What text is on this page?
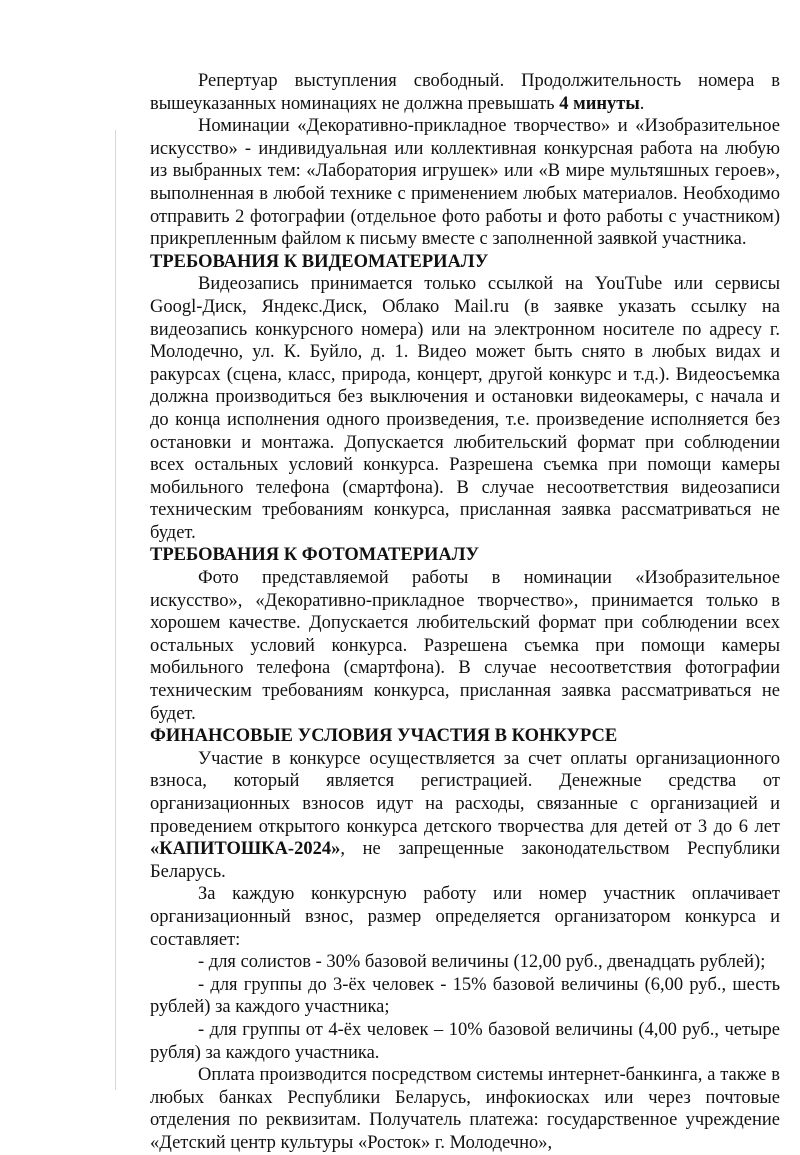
Репертуар выступления свободный. Продолжительность номера в вышеуказанных номинациях не должна превышать 4 минуты.

Номинации «Декоративно-прикладное творчество» и «Изобразительное искусство» - индивидуальная или коллективная конкурсная работа на любую из выбранных тем: «Лаборатория игрушек» или «В мире мультяшных героев», выполненная в любой технике с применением любых материалов. Необходимо отправить 2 фотографии (отдельное фото работы и фото работы с участником) прикрепленным файлом к письму вместе с заполненной заявкой участника.

ТРЕБОВАНИЯ К ВИДЕОМАТЕРИАЛУ

Видеозапись принимается только ссылкой на YouTube или сервисы Googl-Диск, Яндекс.Диск, Облако Mail.ru (в заявке указать ссылку на видеозапись конкурсного номера) или на электронном носителе по адресу г. Молодечно, ул. К. Буйло, д. 1. Видео может быть снято в любых видах и ракурсах (сцена, класс, природа, концерт, другой конкурс и т.д.). Видеосъемка должна производиться без выключения и остановки видеокамеры, с начала и до конца исполнения одного произведения, т.е. произведение исполняется без остановки и монтажа. Допускается любительский формат при соблюдении всех остальных условий конкурса. Разрешена съемка при помощи камеры мобильного телефона (смартфона). В случае несоответствия видеозаписи техническим требованиям конкурса, присланная заявка рассматриваться не будет.

ТРЕБОВАНИЯ К ФОТОМАТЕРИАЛУ

Фото представляемой работы в номинации «Изобразительное искусство», «Декоративно-прикладное творчество», принимается только в хорошем качестве. Допускается любительский формат при соблюдении всех остальных условий конкурса. Разрешена съемка при помощи камеры мобильного телефона (смартфона). В случае несоответствия фотографии техническим требованиям конкурса, присланная заявка рассматриваться не будет.

ФИНАНСОВЫЕ УСЛОВИЯ УЧАСТИЯ В КОНКУРСЕ

Участие в конкурсе осуществляется за счет оплаты организационного взноса, который является регистрацией. Денежные средства от организационных взносов идут на расходы, связанные с организацией и проведением открытого конкурса детского творчества для детей от 3 до 6 лет «КАПИТОШКА-2024», не запрещенные законодательством Республики Беларусь.

За каждую конкурсную работу или номер участник оплачивает организационный взнос, размер определяется организатором конкурса и составляет:

- для солистов - 30% базовой величины (12,00 руб., двенадцать рублей);

- для группы до 3-ёх человек - 15% базовой величины (6,00 руб., шесть рублей) за каждого участника;

- для группы от 4-ёх человек – 10% базовой величины (4,00 руб., четыре рубля) за каждого участника.

Оплата производится посредством системы интернет-банкинга, а также в любых банках Республики Беларусь, инфокиосках или через почтовые отделения по реквизитам. Получатель платежа: государственное учреждение «Детский центр культуры «Росток» г. Молодечно»,
